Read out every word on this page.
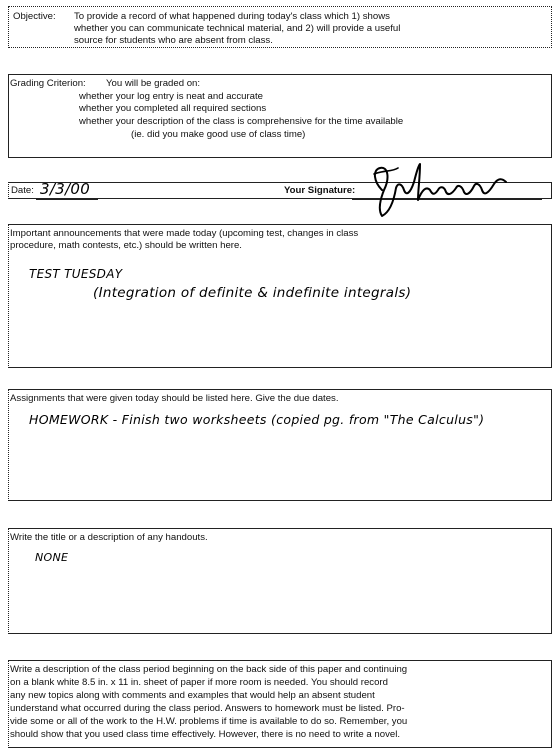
Objective: To provide a record of what happened during today's class which 1) shows
whether you can communicate technical material, and 2) will provide a useful
source for students who are absent from class.
Grading Criterion: You will be graded on:
whether your log entry is neat and accurate
whether you completed all required sections
whether your description of the class is comprehensive for the time available
(ie. did you make good use of class time)
Date:	Your Signature:
3/3/00
Important announcements that were made today (upcoming test, changes in class
procedure, math contests, etc.) should be written here.
TEST TUESDAY
(Integration of definite & indefinite integrals)
Assignments that were given today should be listed here. Give the due dates.
HOMEWORK - Finish two worksheets (copied pg. from "The Calculus")
Write the title or a description of any handouts.
NONE
Write a description of the class period beginning on the back side of this paper and continuing
on a blank white 8.5 in. x 11 in. sheet of paper if more room is needed. You should record
any new topics along with comments and examples that would help an absent student
understand what occurred during the class period. Answers to homework must be listed. Pro-
vide some or all of the work to the H.W. problems if time is available to do so. Remember, you
should show that you used class time effectively. However, there is no need to write a novel.
